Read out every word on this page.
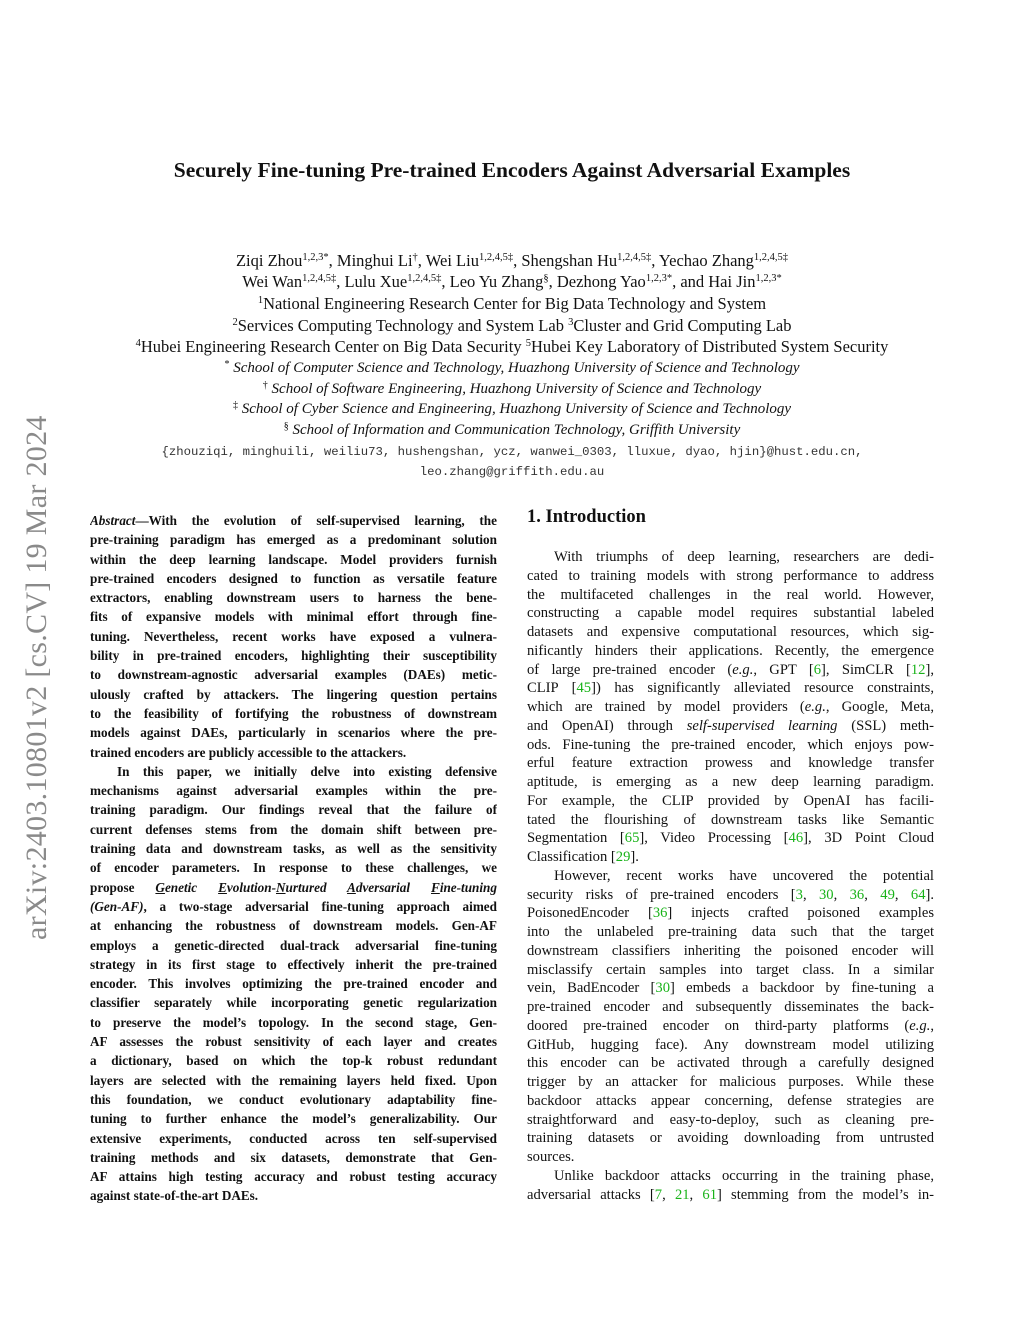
arXiv:2403.10801v2 [cs.CV] 19 Mar 2024
Securely Fine-tuning Pre-trained Encoders Against Adversarial Examples
Ziqi Zhou$^{1,2,3*}$, Minghui Li†, Wei Liu$^{1,2,4,5\ddagger}$, Shengshan $Hu^{1,2,4,5\ddagger}$, Yechao Zhang$^{1,2,4,5\ddagger}$
Wei Wan$^{1,2,4,5\ddagger}$, Lulu Xue$^{1,2,4,5\ddagger}$, Leo Yu Zhang§, Dezhong Yao$^{1,2,3*}$, and Hai Jin$^{1,2,3*}$
$^1$National Engineering Research Center for Big Data Technology and System
$^2$Services Computing Technology and System Lab $^3$Cluster and Grid Computing Lab
$^4$Hubei Engineering Research Center on Big Data Security $^5$Hubei Key Laboratory of Distributed System Security
* School of Computer Science and Technology, Huazhong University of Science and Technology
† School of Software Engineering, Huazhong University of Science and Technology
‡ School of Cyber Science and Engineering, Huazhong University of Science and Technology
§ School of Information and Communication Technology, Griffith University
{zhouziqi, minghuili, weiliu73, hushengshan, ycz, wanwei_0303, lluxue, dyao, hjin}@hust.edu.cn,
leo.zhang@griffith.edu.au
Abstract—With the evolution of self-supervised learning, the
pre-training paradigm has emerged as a predominant solution
within the deep learning landscape. Model providers furnish
pre-trained encoders designed to function as versatile feature
extractors, enabling downstream users to harness the bene-
fits of expansive models with minimal effort through fine-
tuning. Nevertheless, recent works have exposed a vulnera-
bility in pre-trained encoders, highlighting their susceptibility
to downstream-agnostic adversarial examples (DAEs) metic-
ulously crafted by attackers. The lingering question pertains
to the feasibility of fortifying the robustness of downstream
models against DAEs, particularly in scenarios where the pre-
trained encoders are publicly accessible to the attackers.
In this paper, we initially delve into existing defensive
mechanisms against adversarial examples within the pre-
training paradigm. Our findings reveal that the failure of
current defenses stems from the domain shift between pre-
training data and downstream tasks, as well as the sensitivity
of encoder parameters. In response to these challenges, we
propose Genetic Evolution-Nurtured Adversarial Fine-tuning
(Gen-AF), a two-stage adversarial fine-tuning approach aimed
at enhancing the robustness of downstream models. Gen-AF
employs a genetic-directed dual-track adversarial fine-tuning
strategy in its first stage to effectively inherit the pre-trained
encoder. This involves optimizing the pre-trained encoder and
classifier separately while incorporating genetic regularization
to preserve the model’s topology. In the second stage, Gen-
AF assesses the robust sensitivity of each layer and creates
a dictionary, based on which the top-k robust redundant
layers are selected with the remaining layers held fixed. Upon
this foundation, we conduct evolutionary adaptability fine-
tuning to further enhance the model’s generalizability. Our
extensive experiments, conducted across ten self-supervised
training methods and six datasets, demonstrate that Gen-
AF attains high testing accuracy and robust testing accuracy
against state-of-the-art DAEs.
1. Introduction
With triumphs of deep learning, researchers are dedi-
cated to training models with strong performance to address
the multifaceted challenges in the real world. However,
constructing a capable model requires substantial labeled
datasets and expensive computational resources, which sig-
nificantly hinders their applications. Recently, the emergence
of large pre-trained encoder (e.g., GPT [6], SimCLR [12],
CLIP [45]) has significantly alleviated resource constraints,
which are trained by model providers (e.g., Google, Meta,
and OpenAI) through self-supervised learning (SSL) meth-
ods. Fine-tuning the pre-trained encoder, which enjoys pow-
erful feature extraction prowess and knowledge transfer
aptitude, is emerging as a new deep learning paradigm.
For example, the CLIP provided by OpenAI has facili-
tated the flourishing of downstream tasks like Semantic
Segmentation [65], Video Processing [46], 3D Point Cloud
Classification [29].
However, recent works have uncovered the potential
security risks of pre-trained encoders [3, 30, 36, 49, 64].
PoisonedEncoder [36] injects crafted poisoned examples
into the unlabeled pre-training data such that the target
downstream classifiers inheriting the poisoned encoder will
misclassify certain samples into target class. In a similar
vein, BadEncoder [30] embeds a backdoor by fine-tuning a
pre-trained encoder and subsequently disseminates the back-
doored pre-trained encoder on third-party platforms (e.g.,
GitHub, hugging face). Any downstream model utilizing
this encoder can be activated through a carefully designed
trigger by an attacker for malicious purposes. While these
backdoor attacks appear concerning, defense strategies are
straightforward and easy-to-deploy, such as cleaning pre-
training datasets or avoiding downloading from untrusted
sources.
Unlike backdoor attacks occurring in the training phase,
adversarial attacks [7, 21, 61] stemming from the model’s in-
